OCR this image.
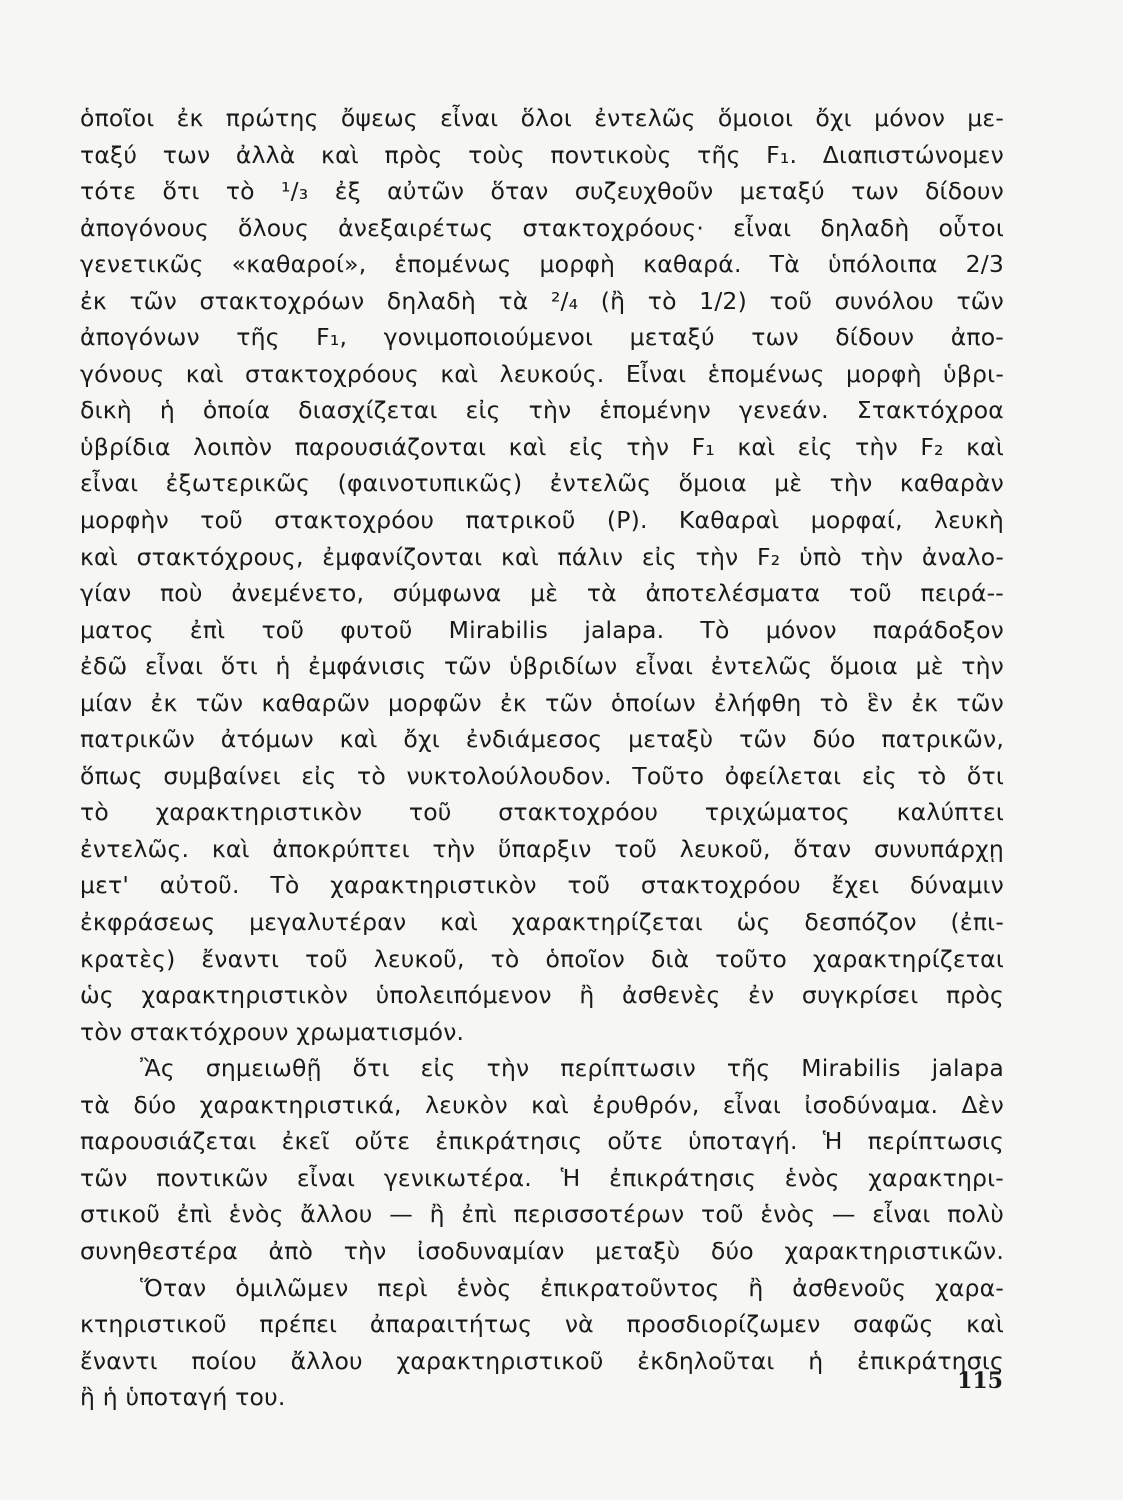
ὁποῖοι ἐκ πρώτης ὄψεως εἶναι ὅλοι ἐντελῶς ὅμοιοι ὄχι μόνον με-
ταξύ των ἀλλὰ καὶ πρὸς τοὺς ποντικοὺς τῆς F₁. Διαπιστώνομεν
τότε ὅτι τὸ ¹/₃ ἐξ αὐτῶν ὅταν συζευχθοῦν μεταξύ των δίδουν
ἀπογόνους ὅλους ἀνεξαιρέτως στακτοχρόους· εἶναι δηλαδὴ οὗτοι
γενετικῶς «καθαροί», ἑπομένως μορφὴ καθαρά. Τὰ ὑπόλοιπα 2/3
ἐκ τῶν στακτοχρόων δηλαδὴ τὰ ²/₄ (ἢ τὸ 1/2) τοῦ συνόλου τῶν
ἀπογόνων τῆς F₁, γονιμοποιούμενοι μεταξύ των δίδουν ἀπο-
γόνους καὶ στακτοχρόους καὶ λευκούς. Εἶναι ἑπομένως μορφὴ ὑβρι-
δικὴ ἡ ὁποία διασχίζεται εἰς τὴν ἑπομένην γενεάν. Στακτόχροα
ὑβρίδια λοιπὸν παρουσιάζονται καὶ εἰς τὴν F₁ καὶ εἰς τὴν F₂ καὶ
εἶναι ἐξωτερικῶς (φαινοτυπικῶς) ἐντελῶς ὅμοια μὲ τὴν καθαρὰν
μορφὴν τοῦ στακτοχρόου πατρικοῦ (P). Καθαραὶ μορφαί, λευκὴ
καὶ στακτόχρους, ἐμφανίζονται καὶ πάλιν εἰς τὴν F₂ ὑπὸ τὴν ἀναλο-
γίαν ποὺ ἀνεμένετο, σύμφωνα μὲ τὰ ἀποτελέσματα τοῦ πειρά--
ματος ἐπὶ τοῦ φυτοῦ Mirabilis jalapa. Τὸ μόνον παράδοξον
ἐδῶ εἶναι ὅτι ἡ ἐμφάνισις τῶν ὑβριδίων εἶναι ἐντελῶς ὅμοια μὲ τὴν
μίαν ἐκ τῶν καθαρῶν μορφῶν ἐκ τῶν ὁποίων ἐλήφθη τὸ ἓν ἐκ τῶν
πατρικῶν ἀτόμων καὶ ὄχι ἐνδιάμεσος μεταξὺ τῶν δύο πατρικῶν,
ὅπως συμβαίνει εἰς τὸ νυκτολούλουδον. Τοῦτο ὀφείλεται εἰς τὸ ὅτι
τὸ χαρακτηριστικὸν τοῦ στακτοχρόου τριχώματος καλύπτει
ἐντελῶς. καὶ ἀποκρύπτει τὴν ὕπαρξιν τοῦ λευκοῦ, ὅταν συνυπάρχῃ
μετ' αὐτοῦ. Τὸ χαρακτηριστικὸν τοῦ στακτοχρόου ἔχει δύναμιν
ἐκφράσεως μεγαλυτέραν καὶ χαρακτηρίζεται ὡς δεσπόζον (ἐπι-
κρατὲς) ἔναντι τοῦ λευκοῦ, τὸ ὁποῖον διὰ τοῦτο χαρακτηρίζεται
ὡς χαρακτηριστικὸν ὑπολειπόμενον ἢ ἀσθενὲς ἐν συγκρίσει πρὸς
τὸν στακτόχρουν χρωματισμόν.
Ἂς σημειωθῇ ὅτι εἰς τὴν περίπτωσιν τῆς Mirabilis jalapa
τὰ δύο χαρακτηριστικά, λευκὸν καὶ ἐρυθρόν, εἶναι ἰσοδύναμα. Δὲν
παρουσιάζεται ἐκεῖ οὔτε ἐπικράτησις οὔτε ὑποταγή. Ἡ περίπτωσις
τῶν ποντικῶν εἶναι γενικωτέρα. Ἡ ἐπικράτησις ἑνὸς χαρακτηρι-
στικοῦ ἐπὶ ἑνὸς ἄλλου — ἢ ἐπὶ περισσοτέρων τοῦ ἑνὸς — εἶναι πολὺ
συνηθεστέρα ἀπὸ τὴν ἰσοδυναμίαν μεταξὺ δύο χαρακτηριστικῶν.
Ὅταν ὁμιλῶμεν περὶ ἑνὸς ἐπικρατοῦντος ἢ ἀσθενοῦς χαρα-
κτηριστικοῦ πρέπει ἀπαραιτήτως νὰ προσδιορίζωμεν σαφῶς καὶ
ἔναντι ποίου ἄλλου χαρακτηριστικοῦ ἐκδηλοῦται ἡ ἐπικράτησις
ἢ ἡ ὑποταγή του.
115
